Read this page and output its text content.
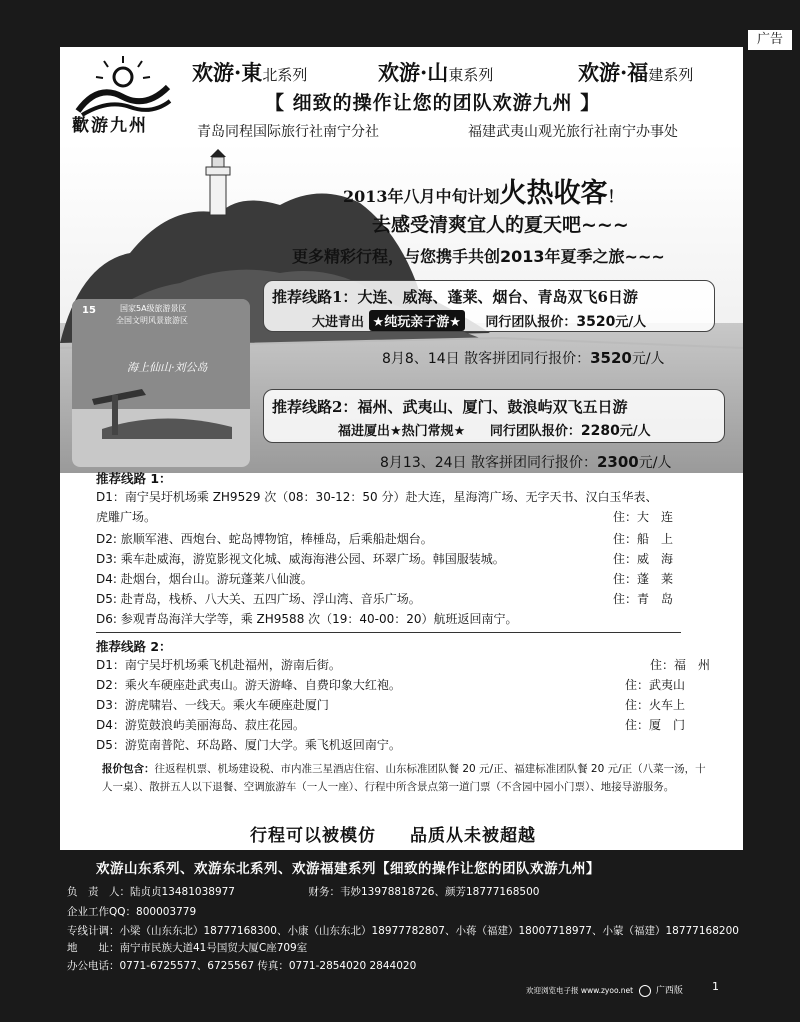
广告
歡游九州
欢游·東北系列	欢游·山東系列	欢游·福建系列
【 细致的操作让您的团队欢游九州 】
青岛同程国际旅行社南宁分社	福建武夷山观光旅行社南宁办事处
2013年八月中旬计划火热收客！
去感受清爽宜人的夏天吧~~~
更多精彩行程，与您携手共创2013年夏季之旅~~~
推荐线路1：大连、威海、蓬莱、烟台、青岛双飞6日游
大进青出 ★纯玩亲子游★ 同行团队报价：3520元/人
8月8、14日 散客拼团同行报价：3520元/人
推荐线路2：福州、武夷山、厦门、鼓浪屿双飞五日游
福进厦出★热门常规★ 同行团队报价：2280元/人
8月13、24日 散客拼团同行报价：2300元/人
15	国家5A级旅游景区
全国文明风景旅游区
海上仙山·刘公岛
推荐线路 1：
D1：南宁吴圩机场乘 ZH9529 次（08：30-12：50 分）赴大连，星海湾广场、无字天书、汉白玉华表、
虎雕广场。	住：大　连
D2: 旅顺军港、西炮台、蛇岛博物馆，棒棰岛，后乘船赴烟台。	住：船　上
D3: 乘车赴威海，游览影视文化城、威海海港公园、环翠广场。韩国服装城。	住：威　海
D4: 赴烟台，烟台山。游玩蓬莱八仙渡。	住：蓬　莱
D5: 赴青岛，栈桥、八大关、五四广场、浮山湾、音乐广场。	住：青　岛
D6: 参观青岛海洋大学等，乘 ZH9588 次（19：40-00：20）航班返回南宁。
推荐线路 2：
D1：南宁吴圩机场乘飞机赴福州，游南后街。	住：福　州
D2：乘火车硬座赴武夷山。游天游峰、自费印象大红袍。	住：武夷山
D3：游虎啸岩、一线天。乘火车硬座赴厦门	住：火车上
D4：游览鼓浪屿美丽海岛、菽庄花园。	住：厦　门
D5：游览南普陀、环岛路、厦门大学。乘飞机返回南宁。
报价包含：往返程机票、机场建设税、市内准三星酒店住宿、山东标准团队餐 20 元/正、福建标准团队餐 20 元/正（八菜一汤，十人一桌）、散拼五人以下退餐、空调旅游车（一人一座）、行程中所含景点第一道门票（不含园中园小门票）、地接导游服务。
行程可以被模仿 品质从未被超越
欢游山东系列、欢游东北系列、欢游福建系列【细致的操作让您的团队欢游九州】
负　责　人：陆贞贞13481038977　　　　　　　财务：韦妙13978818726、颜芳18777168500
企业工作QQ：800003779
专线计调：小梁（山东东北）18777168300、小康（山东东北）18977782807、小蒋（福建）18007718977、小蒙（福建）18777168200
地　　址：南宁市民族大道41号国贸大厦C座709室
办公电话：0771-6725577、6725567 传真：0771-2854020 2844020
欢迎浏览电子报 www.zyoo.net	广西版	1
